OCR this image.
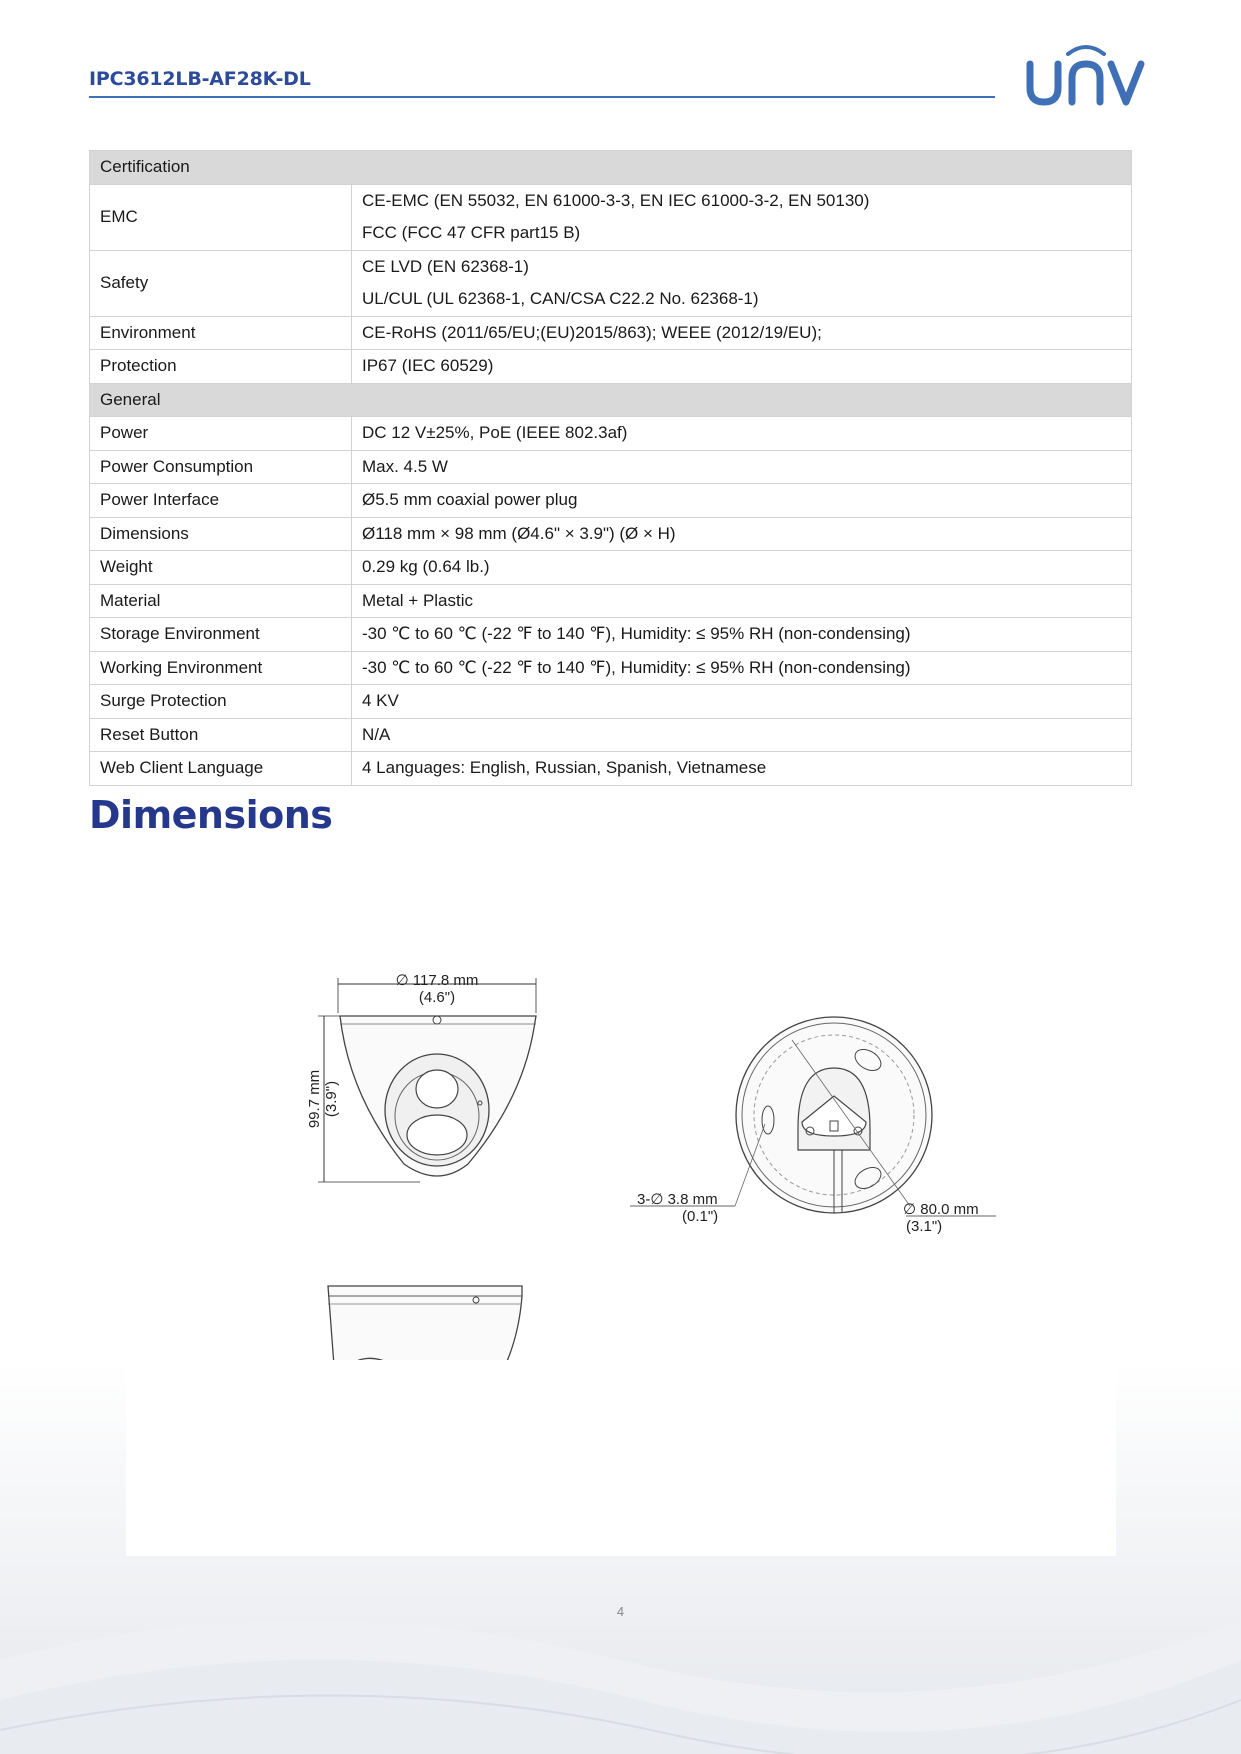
IPC3612LB-AF28K-DL
Certification	
EMC	CE-EMC (EN 55032, EN 61000-3-3, EN IEC 61000-3-2, EN 50130)
FCC (FCC 47 CFR part15 B)

Safety	CE LVD (EN 62368-1)
UL/CUL (UL 62368-1, CAN/CSA C22.2 No. 62368-1)

Environment	CE-RoHS (2011/65/EU;(EU)2015/863); WEEE (2012/19/EU);

Protection	IP67 (IEC 60529)

General	
Power	DC 12 V±25%, PoE (IEEE 802.3af)

Power Consumption	Max. 4.5 W

Power Interface	Ø5.5 mm coaxial power plug

Dimensions	Ø118 mm × 98 mm (Ø4.6" × 3.9") (Ø × H)

Weight	0.29 kg (0.64 lb.)

Material	Metal + Plastic

Storage Environment	-30 ℃ to 60 ℃ (-22 ℉ to 140 ℉), Humidity: ≤ 95% RH (non-condensing)

Working Environment	-30 ℃ to 60 ℃ (-22 ℉ to 140 ℉), Humidity: ≤ 95% RH (non-condensing)

Surge Protection	4 KV

Reset Button	N/A

Web Client Language	4 Languages: English, Russian, Spanish, Vietnamese
Dimensions
∅ 117.8 mm
(4.6")
99.7 mm (3.9")
3-∅ 3.8 mm
(0.1")	∅ 80.0 mm
(3.1")
4
